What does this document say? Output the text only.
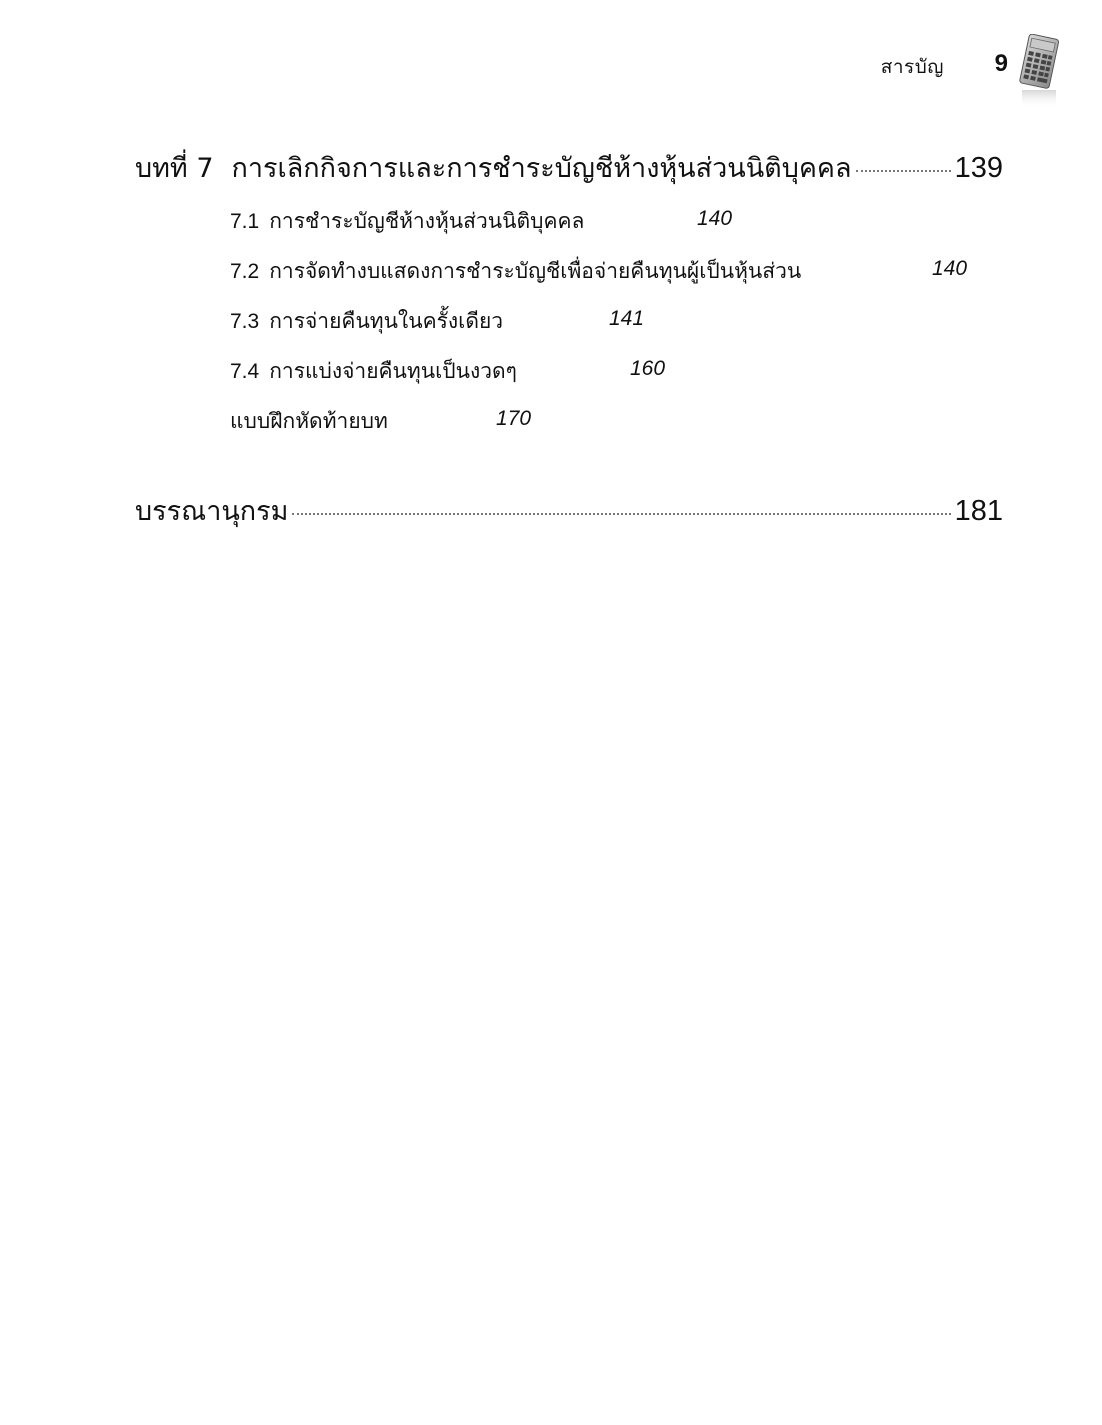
สารบัญ 9
บทที่ 7 การเลิกกิจการและการชำระบัญชีห้างหุ้นส่วนนิติบุคคล	139
7.1 การชำระบัญชีห้างหุ้นส่วนนิติบุคคล	140
7.2 การจัดทำงบแสดงการชำระบัญชีเพื่อจ่ายคืนทุนผู้เป็นหุ้นส่วน	140
7.3 การจ่ายคืนทุนในครั้งเดียว	141
7.4 การแบ่งจ่ายคืนทุนเป็นงวดๆ	160
แบบฝึกหัดท้ายบท	170
บรรณานุกรม	181
